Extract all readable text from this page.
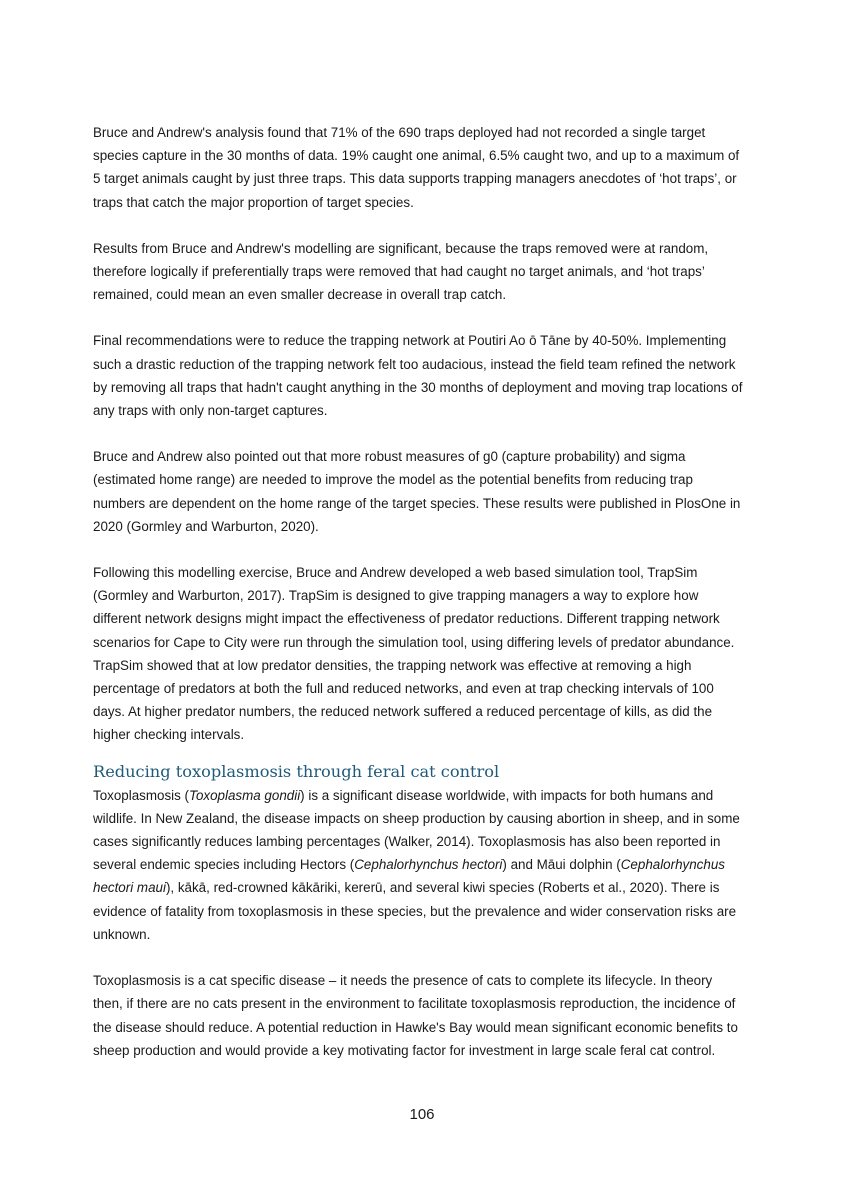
Bruce and Andrew's analysis found that 71% of the 690 traps deployed had not recorded a single target species capture in the 30 months of data. 19% caught one animal, 6.5% caught two, and up to a maximum of 5 target animals caught by just three traps. This data supports trapping managers anecdotes of ‘hot traps’, or traps that catch the major proportion of target species.

Results from Bruce and Andrew's modelling are significant, because the traps removed were at random, therefore logically if preferentially traps were removed that had caught no target animals, and ‘hot traps’ remained, could mean an even smaller decrease in overall trap catch.

Final recommendations were to reduce the trapping network at Poutiri Ao ō Tāne by 40-50%. Implementing such a drastic reduction of the trapping network felt too audacious, instead the field team refined the network by removing all traps that hadn't caught anything in the 30 months of deployment and moving trap locations of any traps with only non-target captures.

Bruce and Andrew also pointed out that more robust measures of g0 (capture probability) and sigma (estimated home range) are needed to improve the model as the potential benefits from reducing trap numbers are dependent on the home range of the target species. These results were published in PlosOne in 2020 (Gormley and Warburton, 2020).

Following this modelling exercise, Bruce and Andrew developed a web based simulation tool, TrapSim (Gormley and Warburton, 2017). TrapSim is designed to give trapping managers a way to explore how different network designs might impact the effectiveness of predator reductions. Different trapping network scenarios for Cape to City were run through the simulation tool, using differing levels of predator abundance. TrapSim showed that at low predator densities, the trapping network was effective at removing a high percentage of predators at both the full and reduced networks, and even at trap checking intervals of 100 days. At higher predator numbers, the reduced network suffered a reduced percentage of kills, as did the higher checking intervals.

Reducing toxoplasmosis through feral cat control

Toxoplasmosis (Toxoplasma gondii) is a significant disease worldwide, with impacts for both humans and wildlife. In New Zealand, the disease impacts on sheep production by causing abortion in sheep, and in some cases significantly reduces lambing percentages (Walker, 2014). Toxoplasmosis has also been reported in several endemic species including Hectors (Cephalorhynchus hectori) and Māui dolphin (Cephalorhynchus hectori maui), kākā, red-crowned kākāriki, kererū, and several kiwi species (Roberts et al., 2020). There is evidence of fatality from toxoplasmosis in these species, but the prevalence and wider conservation risks are unknown.

Toxoplasmosis is a cat specific disease – it needs the presence of cats to complete its lifecycle. In theory then, if there are no cats present in the environment to facilitate toxoplasmosis reproduction, the incidence of the disease should reduce. A potential reduction in Hawke's Bay would mean significant economic benefits to sheep production and would provide a key motivating factor for investment in large scale feral cat control.

106
